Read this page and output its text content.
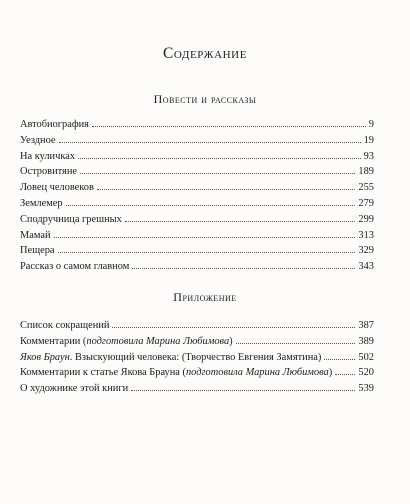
Содержание
Повести и рассказы
Автобиография	9
Уездное	19
На куличках	93
Островитяне	189
Ловец человеков	255
Землемер	279
Сподручница грешных	299
Мамай	313
Пещера	329
Рассказ о самом главном	343
Приложение
Список сокращений	387
Комментарии (подготовила Марина Любимова)	389
Яков Браун. Взыскующий человека: (Творчество Евгения Замятина)	502
Комментарии к статье Якова Брауна (подготовила Марина Любимова)	520
О художнике этой книги	539
